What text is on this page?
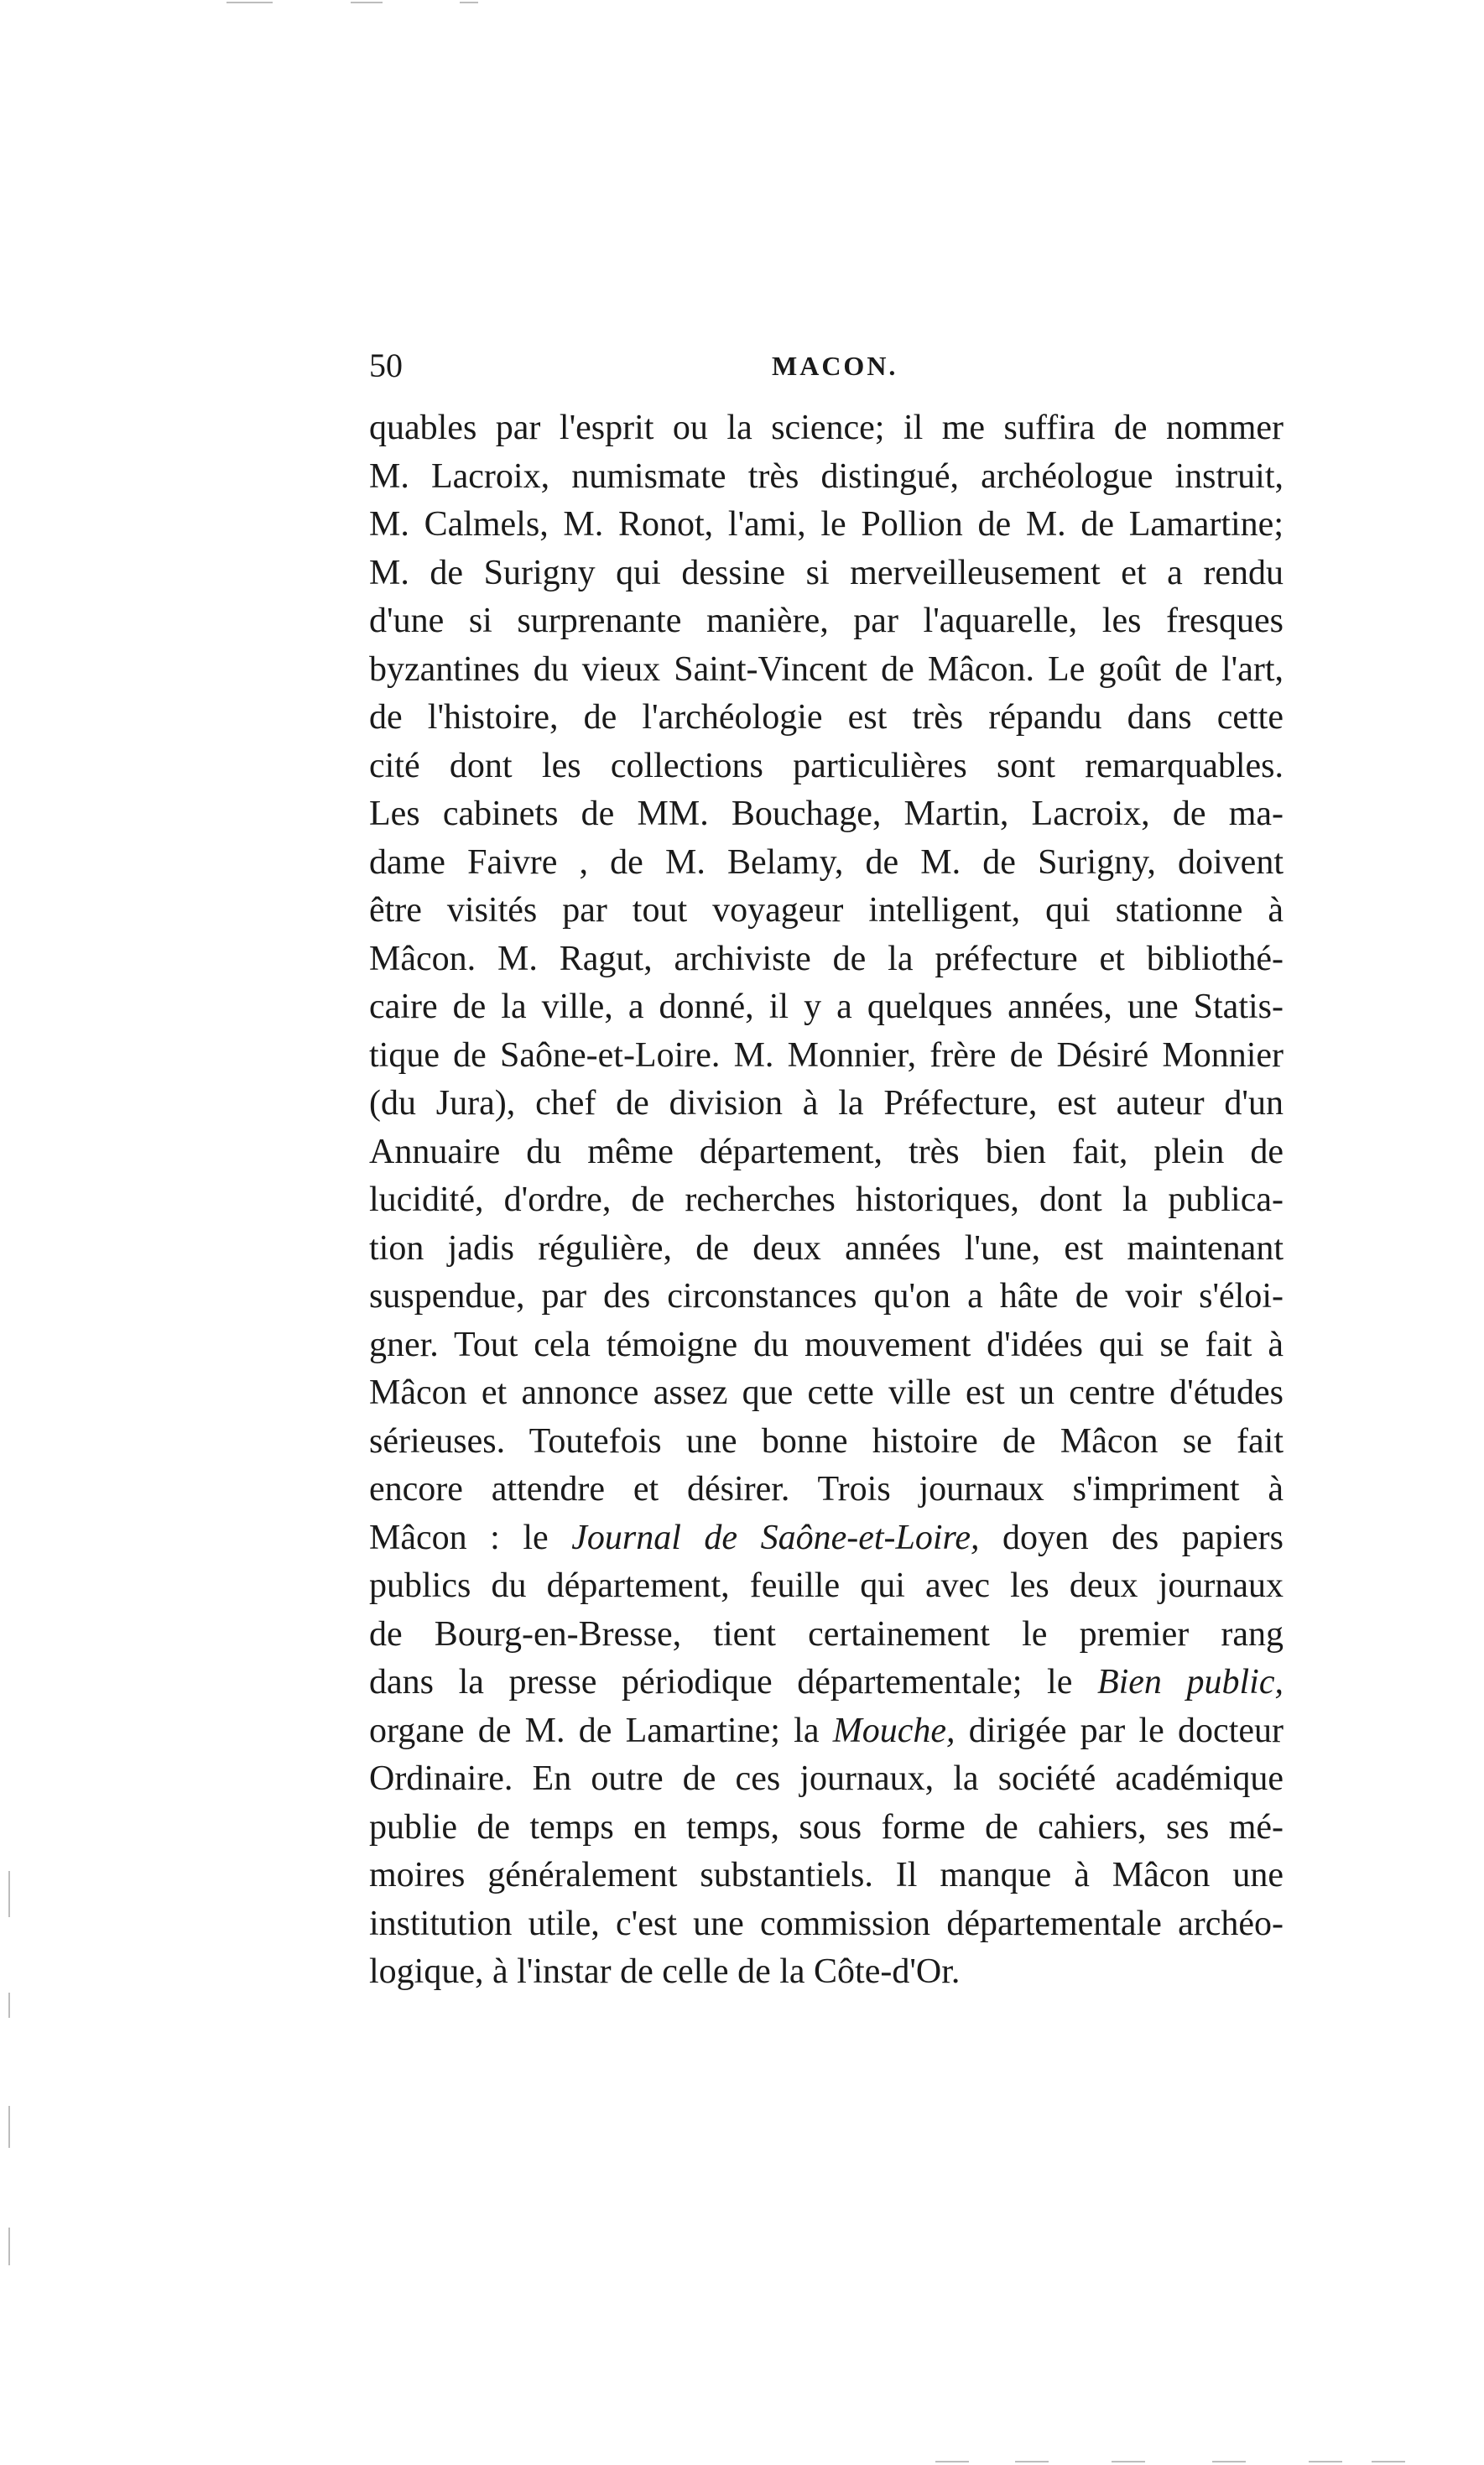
50	MACON.
quables par l'esprit ou la science; il me suffira de nommer
M. Lacroix, numismate très distingué, archéologue instruit,
M. Calmels, M. Ronot, l'ami, le Pollion de M. de Lamartine;
M. de Surigny qui dessine si merveilleusement et a rendu
d'une si surprenante manière, par l'aquarelle, les fresques
byzantines du vieux Saint-Vincent de Mâcon. Le goût de l'art,
de l'histoire, de l'archéologie est très répandu dans cette
cité dont les collections particulières sont remarquables.
Les cabinets de MM. Bouchage, Martin, Lacroix, de ma-
dame Faivre , de M. Belamy, de M. de Surigny, doivent
être visités par tout voyageur intelligent, qui stationne à
Mâcon. M. Ragut, archiviste de la préfecture et bibliothé-
caire de la ville, a donné, il y a quelques années, une Statis-
tique de Saône-et-Loire. M. Monnier, frère de Désiré Monnier
(du Jura), chef de division à la Préfecture, est auteur d'un
Annuaire du même département, très bien fait, plein de
lucidité, d'ordre, de recherches historiques, dont la publica-
tion jadis régulière, de deux années l'une, est maintenant
suspendue, par des circonstances qu'on a hâte de voir s'éloi-
gner. Tout cela témoigne du mouvement d'idées qui se fait à
Mâcon et annonce assez que cette ville est un centre d'études
sérieuses. Toutefois une bonne histoire de Mâcon se fait
encore attendre et désirer. Trois journaux s'impriment à
Mâcon : le Journal de Saône-et-Loire, doyen des papiers
publics du département, feuille qui avec les deux journaux
de Bourg-en-Bresse, tient certainement le premier rang
dans la presse périodique départementale; le Bien public,
organe de M. de Lamartine; la Mouche, dirigée par le docteur
Ordinaire. En outre de ces journaux, la société académique
publie de temps en temps, sous forme de cahiers, ses mé-
moires généralement substantiels. Il manque à Mâcon une
institution utile, c'est une commission départementale archéo-
logique, à l'instar de celle de la Côte-d'Or.
